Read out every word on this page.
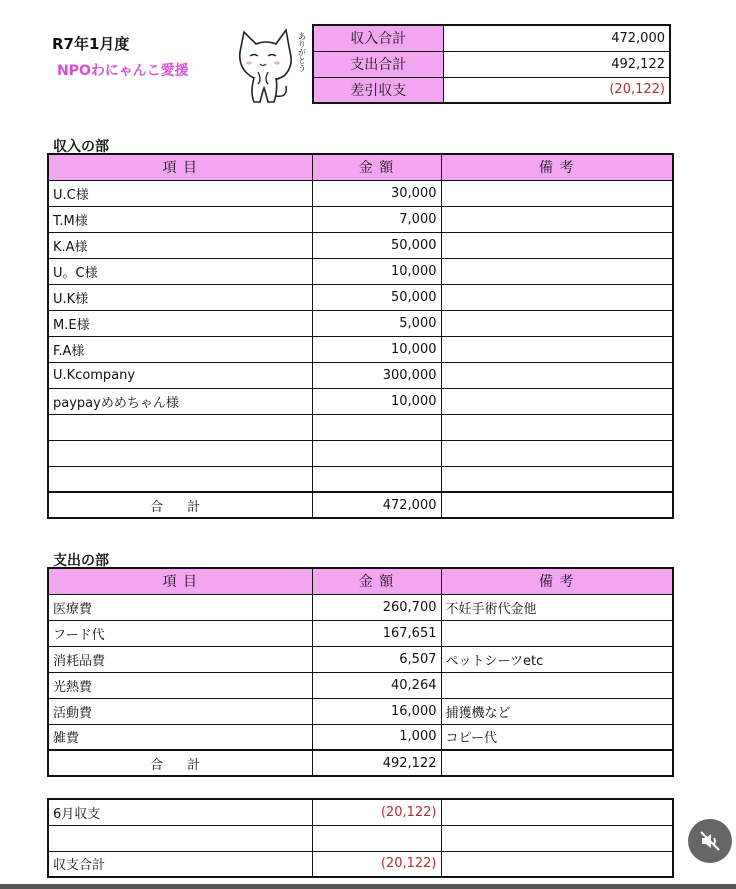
R7年1月度
NPOわにゃんこ愛援	ありがとう	収入合計	472,000
支出合計	492,122
差引収支	(20,122)
収入の部
項 目	金 額	備 考
U.C様	30,000	
T.M様	7,000	
K.A様	50,000	
U。C様	10,000	
U.K様	50,000	
M.E様	5,000	
F.A様	10,000	
U.Kcompany	300,000	
paypayめめちゃん様	10,000	

合 計	472,000	
支出の部
項 目	金 額	備 考
医療費	260,700	不妊手術代金他
フード代	167,651	
消耗品費	6,507	ペットシーツetc
光熱費	40,264	
活動費	16,000	捕獲機など
雑費	1,000	コピー代
合 計	492,122	
6月収支	(20,122)	

収支合計	(20,122)	
